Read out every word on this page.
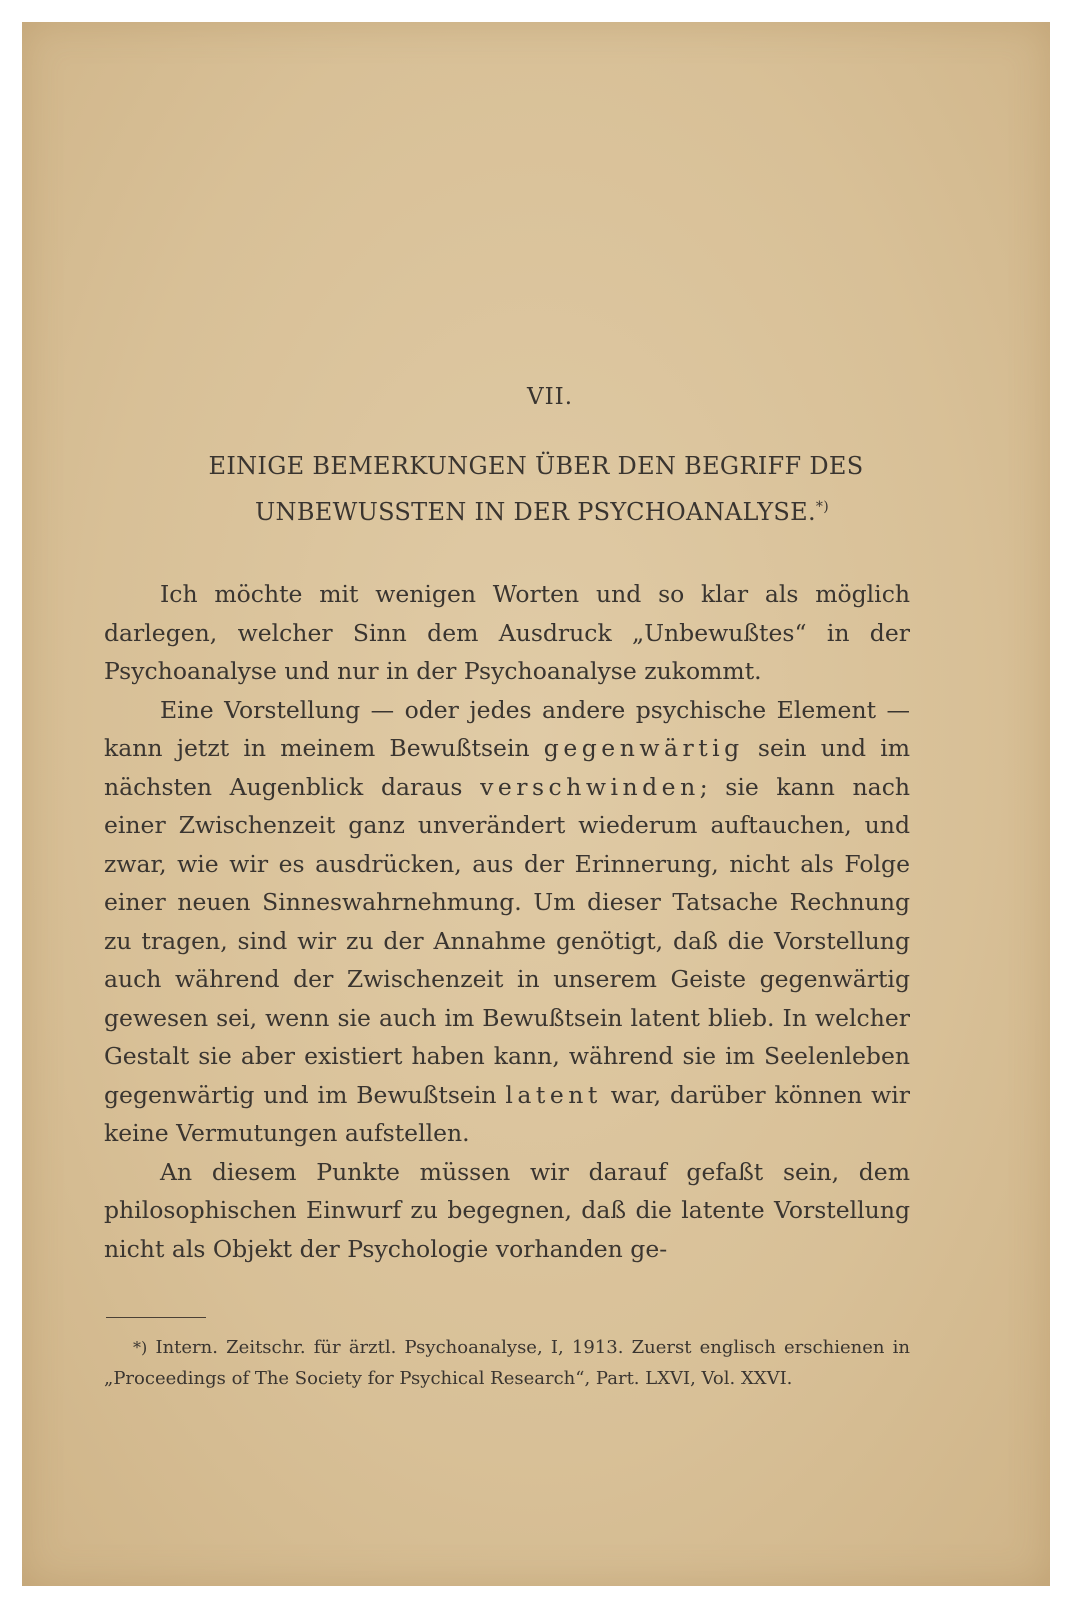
VII.
EINIGE BEMERKUNGEN ÜBER DEN BEGRIFF DES
UNBEWUSSTEN IN DER PSYCHOANALYSE.*)

Ich möchte mit wenigen Worten und so klar als möglich darlegen, welcher Sinn dem Ausdruck „Unbewußtes“ in der Psychoanalyse und nur in der Psychoanalyse zukommt.

Eine Vorstellung — oder jedes andere psychische Element — kann jetzt in meinem Bewußtsein gegenwärtig sein und im nächsten Augenblick daraus verschwinden; sie kann nach einer Zwischenzeit ganz unverändert wiederum auftauchen, und zwar, wie wir es ausdrücken, aus der Erinnerung, nicht als Folge einer neuen Sinneswahrnehmung. Um dieser Tatsache Rechnung zu tragen, sind wir zu der Annahme genötigt, daß die Vorstellung auch während der Zwischenzeit in unserem Geiste gegenwärtig gewesen sei, wenn sie auch im Bewußtsein latent blieb. In welcher Gestalt sie aber existiert haben kann, während sie im Seelenleben gegenwärtig und im Bewußtsein latent war, darüber können wir keine Vermutungen aufstellen.

An diesem Punkte müssen wir darauf gefaßt sein, dem philosophischen Einwurf zu begegnen, daß die latente Vorstellung nicht als Objekt der Psychologie vorhanden ge-

*) Intern. Zeitschr. für ärztl. Psychoanalyse, I, 1913. Zuerst englisch erschienen in „Proceedings of The Society for Psychical Research“, Part. LXVI, Vol. XXVI.
